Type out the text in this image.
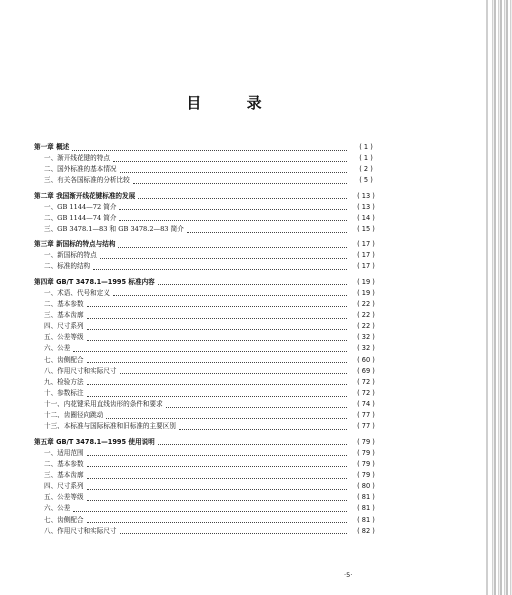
目 录
第一章 概述	( 1 )
一、渐开线花键的特点	( 1 )
二、国外标准的基本情况	( 2 )
三、有关各国标准的分析比较	( 5 )
第二章 我国渐开线花键标准的发展	( 13 )
一、GB 1144—72 简介	( 13 )
二、GB 1144—74 简介	( 14 )
三、GB 3478.1—83 和 GB 3478.2—83 简介	( 15 )
第三章 新国标的特点与结构	( 17 )
一、新国标的特点	( 17 )
二、标准的结构	( 17 )
第四章 GB/T 3478.1—1995 标准内容	( 19 )
一、术语、代号和定义	( 19 )
二、基本参数	( 22 )
三、基本齿廓	( 22 )
四、尺寸系列	( 22 )
五、公差等级	( 32 )
六、公差	( 32 )
七、齿侧配合	( 60 )
八、作用尺寸和实际尺寸	( 69 )
九、检验方法	( 72 )
十、参数标注	( 72 )
十一、内花键采用直线齿形的条件和要求	( 74 )
十二、齿圈径向跳动	( 77 )
十三、本标准与国际标准和旧标准的主要区别	( 77 )
第五章 GB/T 3478.1—1995 使用说明	( 79 )
一、适用范围	( 79 )
二、基本参数	( 79 )
三、基本齿廓	( 79 )
四、尺寸系列	( 80 )
五、公差等级	( 81 )
六、公差	( 81 )
七、齿侧配合	( 81 )
八、作用尺寸和实际尺寸	( 82 )
·5·
